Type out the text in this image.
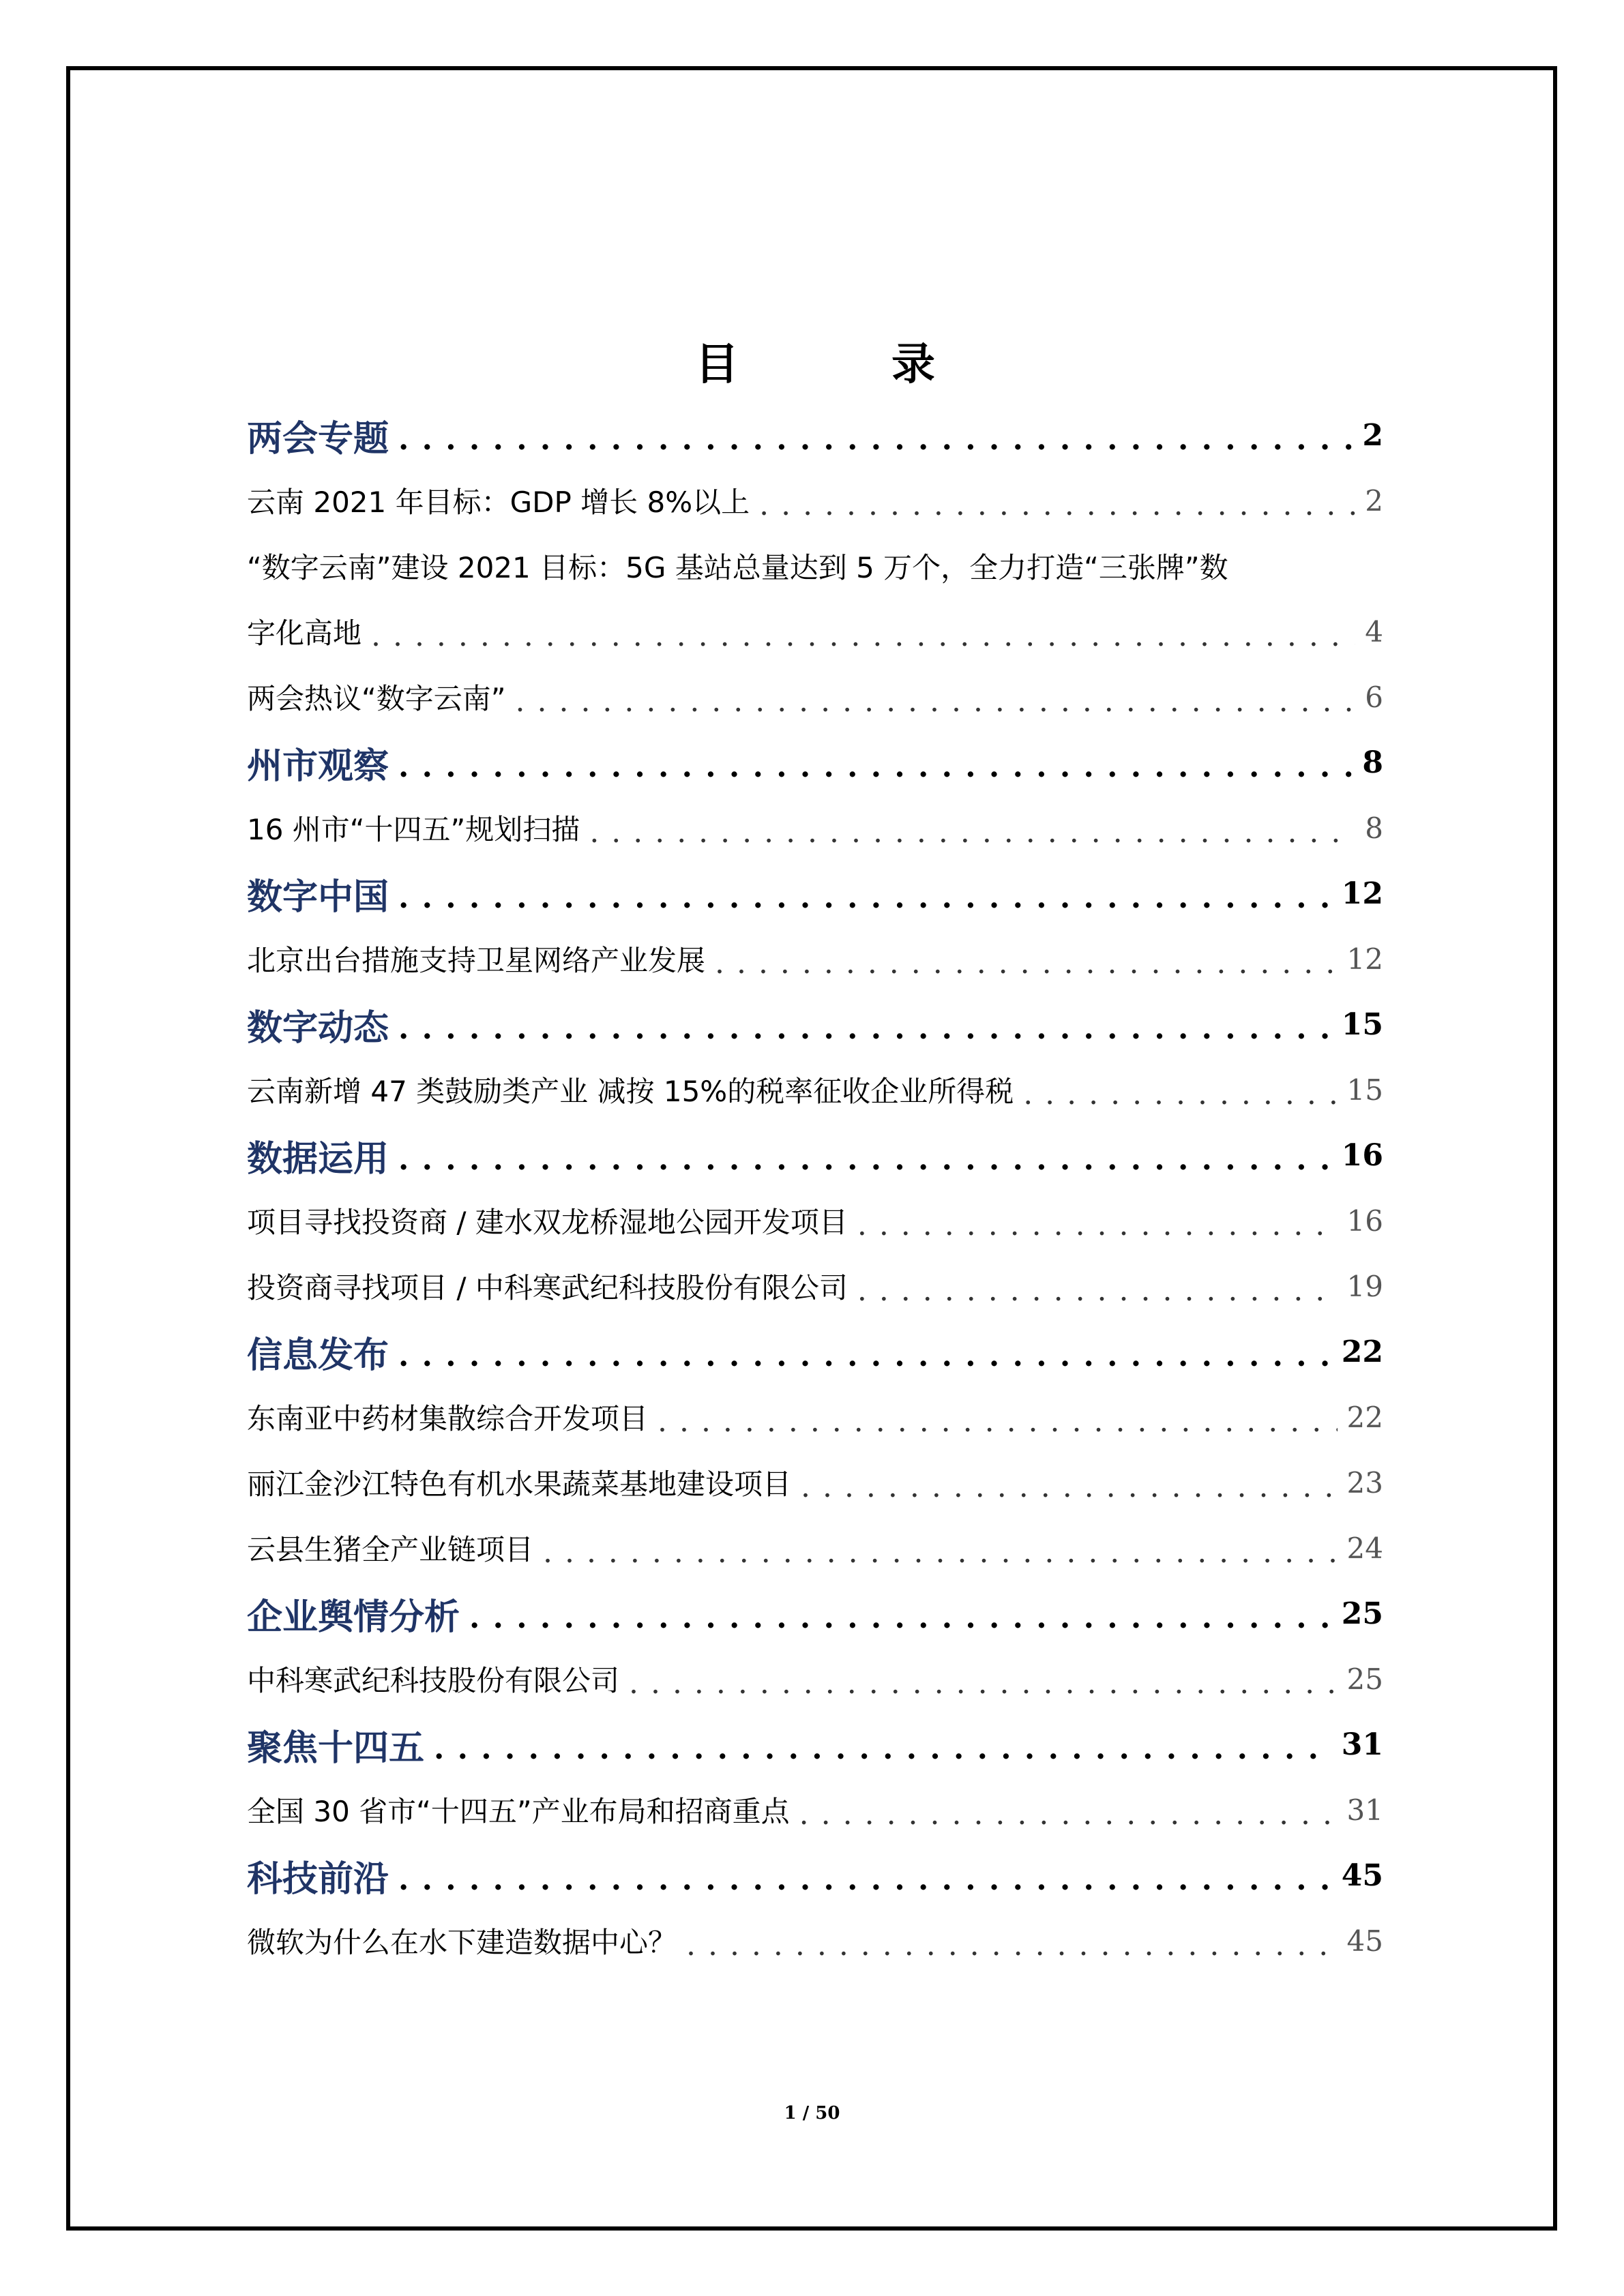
目　录
两会专题 . . .	2
云南 2021 年目标：GDP 增长 8%以上 . . .	2
“数字云南”建设 2021 目标：5G 基站总量达到 5 万个，全力打造“三张牌”数
字化高地 . . .	4
两会热议“数字云南” . . .	6
州市观察 . . .	8
16 州市“十四五”规划扫描 . . .	8
数字中国 . . .	12
北京出台措施支持卫星网络产业发展 . . .	12
数字动态 . . .	15
云南新增 47 类鼓励类产业 减按 15%的税率征收企业所得税 . . .	15
数据运用 . . .	16
项目寻找投资商 / 建水双龙桥湿地公园开发项目 . . .	16
投资商寻找项目 / 中科寒武纪科技股份有限公司 . . .	19
信息发布 . . .	22
东南亚中药材集散综合开发项目 . . .	22
丽江金沙江特色有机水果蔬菜基地建设项目 . . .	23
云县生猪全产业链项目 . . .	24
企业舆情分析 . . .	25
中科寒武纪科技股份有限公司 . . .	25
聚焦十四五 . . .	31
全国 30 省市“十四五”产业布局和招商重点 . . .	31
科技前沿 . . .	45
微软为什么在水下建造数据中心？ . . .	45
1 / 50
